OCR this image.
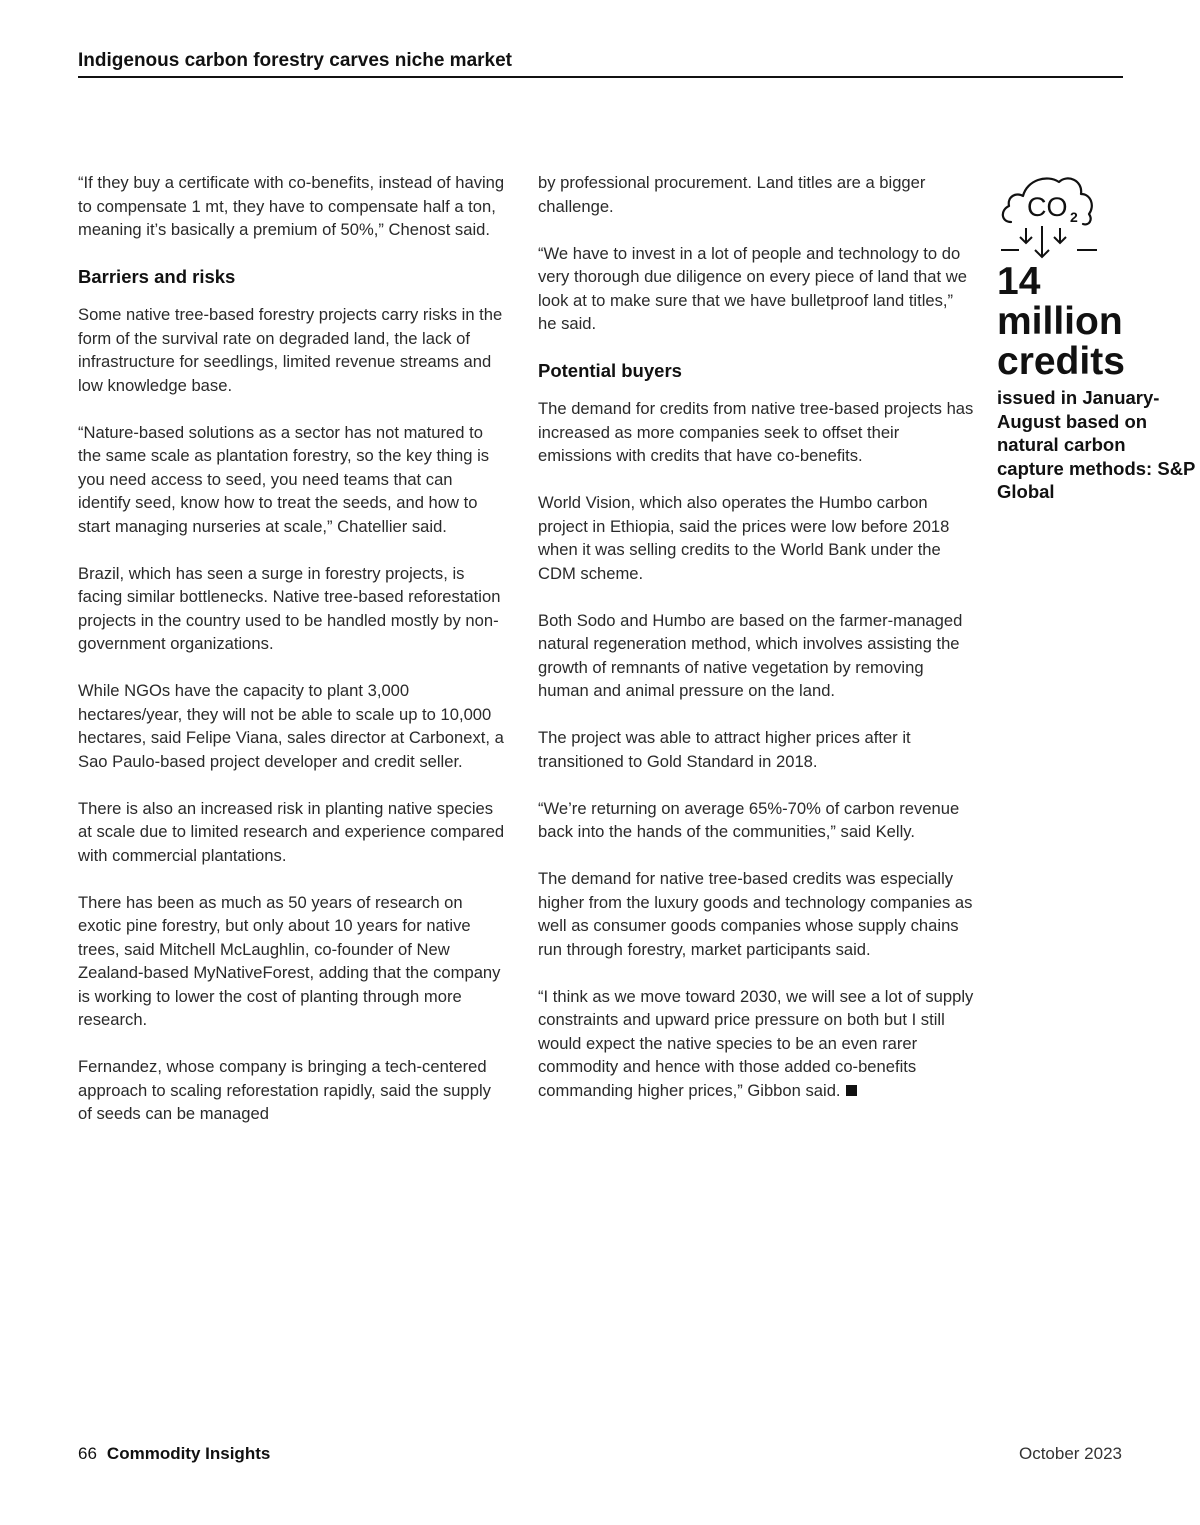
Indigenous carbon forestry carves niche market

“If they buy a certificate with co-benefits, instead of having to compensate 1 mt, they have to compensate half a ton, meaning it’s basically a premium of 50%,” Chenost said.

Barriers and risks

Some native tree-based forestry projects carry risks in the form of the survival rate on degraded land, the lack of infrastructure for seedlings, limited revenue streams and low knowledge base.

“Nature-based solutions as a sector has not matured to the same scale as plantation forestry, so the key thing is you need access to seed, you need teams that can identify seed, know how to treat the seeds, and how to start managing nurseries at scale,” Chatellier said.

Brazil, which has seen a surge in forestry projects, is facing similar bottlenecks. Native tree-based reforestation projects in the country used to be handled mostly by non-government organizations.

While NGOs have the capacity to plant 3,000 hectares/year, they will not be able to scale up to 10,000 hectares, said Felipe Viana, sales director at Carbonext, a Sao Paulo-based project developer and credit seller.

There is also an increased risk in planting native species at scale due to limited research and experience compared with commercial plantations.

There has been as much as 50 years of research on exotic pine forestry, but only about 10 years for native trees, said Mitchell McLaughlin, co-founder of New Zealand-based MyNativeForest, adding that the company is working to lower the cost of planting through more research.

Fernandez, whose company is bringing a tech-centered approach to scaling reforestation rapidly, said the supply of seeds can be managed

by professional procurement. Land titles are a bigger challenge.

“We have to invest in a lot of people and technology to do very thorough due diligence on every piece of land that we look at to make sure that we have bulletproof land titles,” he said.

Potential buyers

The demand for credits from native tree-based projects has increased as more companies seek to offset their emissions with credits that have co-benefits.

World Vision, which also operates the Humbo carbon project in Ethiopia, said the prices were low before 2018 when it was selling credits to the World Bank under the CDM scheme.

Both Sodo and Humbo are based on the farmer-managed natural regeneration method, which involves assisting the growth of remnants of native vegetation by removing human and animal pressure on the land.

The project was able to attract higher prices after it transitioned to Gold Standard in 2018.

“We’re returning on average 65%-70% of carbon revenue back into the hands of the communities,” said Kelly.

The demand for native tree-based credits was especially higher from the luxury goods and technology companies as well as consumer goods companies whose supply chains run through forestry, market participants said.

“I think as we move toward 2030, we will see a lot of supply constraints and upward price pressure on both but I still would expect the native species to be an even rarer commodity and hence with those added co-benefits commanding higher prices,” Gibbon said.

CO 2
14
million
credits
issued in January-August based on natural carbon capture methods: S&P Global
66 Commodity Insights	October 2023
